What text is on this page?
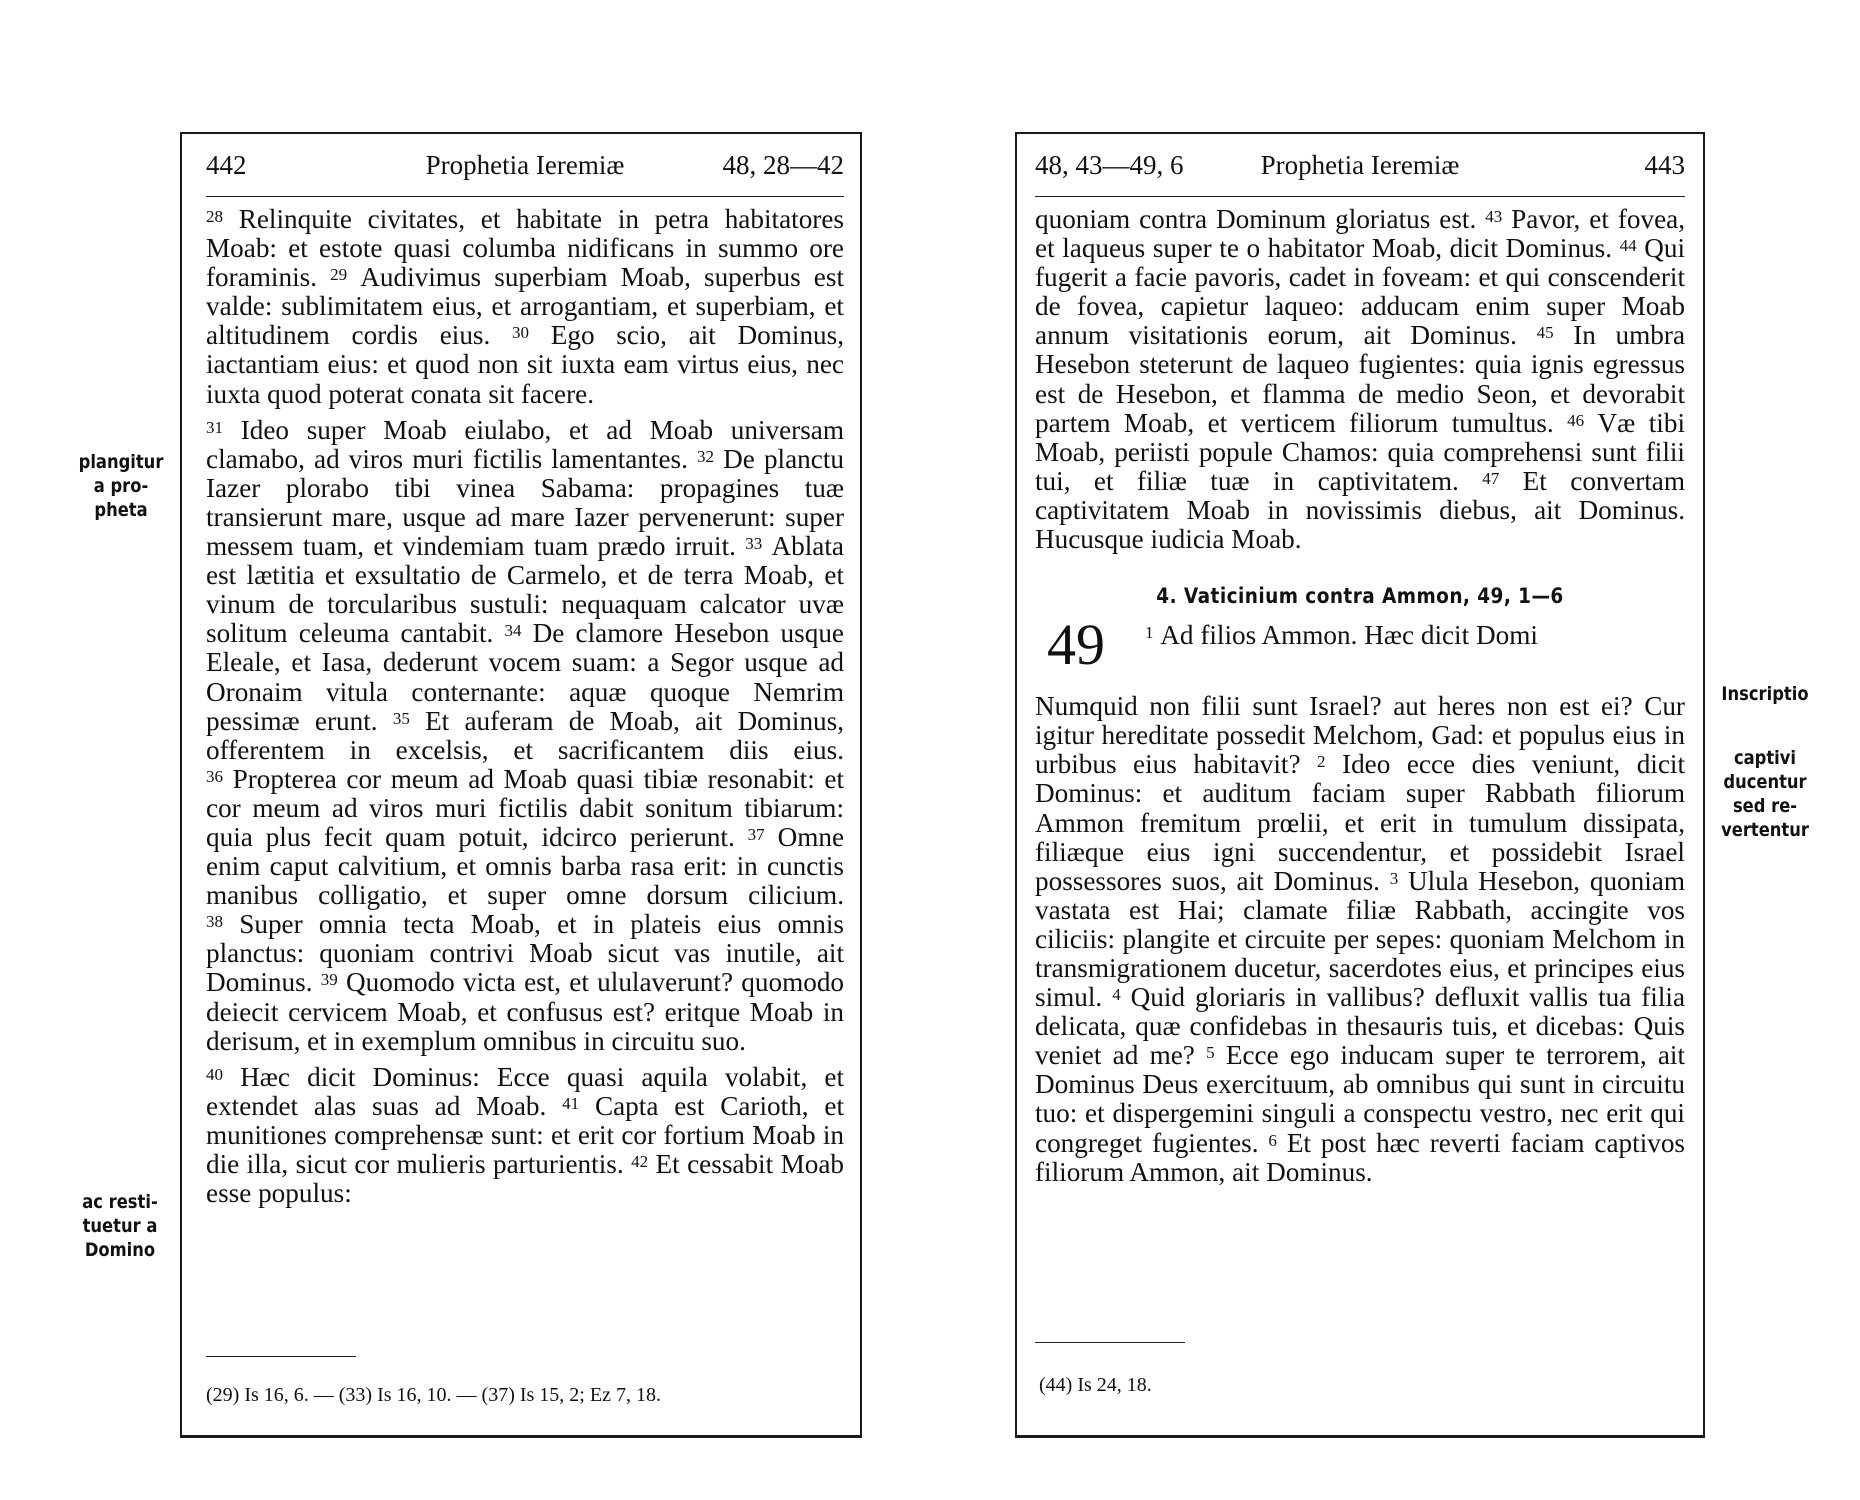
plangitur
a pro-
pheta
ac resti-
tuetur a
Domino
Inscriptio
captivi
ducentur
sed re-
vertentur
442	Prophetia Ieremiæ	48, 28—42

$^{28}$ Relinquite civitates, et habitate in petra habitatores Moab: et estote quasi columba nidificans in summo ore foraminis. $^{29}$ Audivimus superbiam Moab, superbus est valde: sublimitatem eius, et arrogantiam, et superbiam, et altitudinem cordis eius. $^{30}$ Ego scio, ait Dominus, iactantiam eius: et quod non sit iuxta eam virtus eius, nec iuxta quod poterat conata sit facere.

$^{31}$ Ideo super Moab eiulabo, et ad Moab universam clamabo, ad viros muri fictilis lamentantes. $^{32}$ De planctu Iazer plorabo tibi vinea Sabama: propagines tuæ transierunt mare, usque ad mare Iazer pervenerunt: super messem tuam, et vindemiam tuam prædo irruit. $^{33}$ Ablata est lætitia et exsultatio de Carmelo, et de terra Moab, et vinum de torcularibus sustuli: nequaquam calcator uvæ solitum celeuma cantabit. $^{34}$ De clamore Hesebon usque Eleale, et Iasa, dederunt vocem suam: a Segor usque ad Oronaim vitula conternante: aquæ quoque Nemrim pessimæ erunt. $^{35}$ Et auferam de Moab, ait Dominus, offerentem in excelsis, et sacrificantem diis eius. $^{36}$ Propterea cor meum ad Moab quasi tibiæ resonabit: et cor meum ad viros muri fictilis dabit sonitum tibiarum: quia plus fecit quam potuit, idcirco perierunt. $^{37}$ Omne enim caput calvitium, et omnis barba rasa erit: in cunctis manibus colligatio, et super omne dorsum cilicium. $^{38}$ Super omnia tecta Moab, et in plateis eius omnis planctus: quoniam contrivi Moab sicut vas inutile, ait Dominus. $^{39}$ Quomodo victa est, et ululaverunt? quomodo deiecit cervicem Moab, et confusus est? eritque Moab in derisum, et in exemplum omnibus in circuitu suo.

$^{40}$ Hæc dicit Dominus: Ecce quasi aquila volabit, et extendet alas suas ad Moab. $^{41}$ Capta est Carioth, et munitiones comprehensæ sunt: et erit cor fortium Moab in die illa, sicut cor mulieris parturientis. $^{42}$ Et cessabit Moab esse populus:

(29) Is 16, 6. — (33) Is 16, 10. — (37) Is 15, 2; Ez 7, 18.
48, 43—49, 6	Prophetia Ieremiæ	443

quoniam contra Dominum gloriatus est. $^{43}$ Pavor, et fovea, et laqueus super te o habitator Moab, dicit Dominus. $^{44}$ Qui fugerit a facie pavoris, cadet in foveam: et qui conscenderit de fovea, capietur laqueo: adducam enim super Moab annum visitationis eorum, ait Dominus. $^{45}$ In umbra Hesebon steterunt de laqueo fugientes: quia ignis egressus est de Hesebon, et flamma de medio Seon, et devorabit partem Moab, et verticem filiorum tumultus. $^{46}$ Væ tibi Moab, periisti popule Chamos: quia comprehensi sunt filii tui, et filiæ tuæ in captivitatem. $^{47}$ Et convertam captivitatem Moab in novissimis diebus, ait Dominus. Hucusque iudicia Moab.

4. Vaticinium contra Ammon, 49, 1—6
49 $^1$ Ad filios Ammon. Hæc dicit Domi

Numquid non filii sunt Israel? aut heres non est ei? Cur igitur hereditate possedit Melchom, Gad: et populus eius in urbibus eius habitavit? $^2$ Ideo ecce dies veniunt, dicit Dominus: et auditum faciam super Rabbath filiorum Ammon fremitum prœlii, et erit in tumulum dissipata, filiæque eius igni succendentur, et possidebit Israel possessores suos, ait Dominus. $^3$ Ulula Hesebon, quoniam vastata est Hai; clamate filiæ Rabbath, accingite vos ciliciis: plangite et circuite per sepes: quoniam Melchom in transmigrationem ducetur, sacerdotes eius, et principes eius simul. $^4$ Quid gloriaris in vallibus? defluxit vallis tua filia delicata, quæ confidebas in thesauris tuis, et dicebas: Quis veniet ad me? $^5$ Ecce ego inducam super te terrorem, ait Dominus Deus exercituum, ab omnibus qui sunt in circuitu tuo: et dispergemini singuli a conspectu vestro, nec erit qui congreget fugientes. $^6$ Et post hæc reverti faciam captivos filiorum Ammon, ait Dominus.

(44) Is 24, 18.
